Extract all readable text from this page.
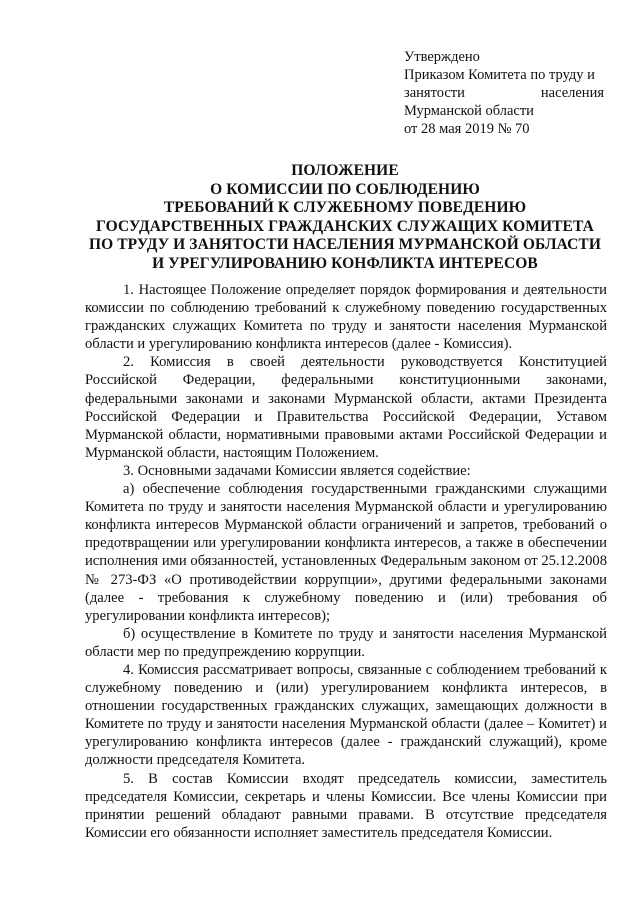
Утверждено
Приказом Комитета по труду и
занятости	населения
Мурманской области
от 28 мая 2019 № 70
ПОЛОЖЕНИЕ
О КОМИССИИ ПО СОБЛЮДЕНИЮ
ТРЕБОВАНИЙ К СЛУЖЕБНОМУ ПОВЕДЕНИЮ
ГОСУДАРСТВЕННЫХ ГРАЖДАНСКИХ СЛУЖАЩИХ КОМИТЕТА
ПО ТРУДУ И ЗАНЯТОСТИ НАСЕЛЕНИЯ МУРМАНСКОЙ ОБЛАСТИ
И УРЕГУЛИРОВАНИЮ КОНФЛИКТА ИНТЕРЕСОВ

1. Настоящее Положение определяет порядок формирования и деятельности комиссии по соблюдению требований к служебному поведению государственных гражданских служащих Комитета по труду и занятости населения Мурманской области и урегулированию конфликта интересов (далее - Комиссия).

2. Комиссия в своей деятельности руководствуется Конституцией Российской Федерации, федеральными конституционными законами, федеральными законами и законами Мурманской области, актами Президента Российской Федерации и Правительства Российской Федерации, Уставом Мурманской области, нормативными правовыми актами Российской Федерации и Мурманской области, настоящим Положением.

3. Основными задачами Комиссии является содействие:

а) обеспечение соблюдения государственными гражданскими служащими Комитета по труду и занятости населения Мурманской области и урегулированию конфликта интересов Мурманской области ограничений и запретов, требований о предотвращении или урегулировании конфликта интересов, а также в обеспечении исполнения ими обязанностей, установленных Федеральным законом от 25.12.2008 № 273-ФЗ «О противодействии коррупции», другими федеральными законами (далее - требования к служебному поведению и (или) требования об урегулировании конфликта интересов);

б) осуществление в Комитете по труду и занятости населения Мурманской области мер по предупреждению коррупции.

4. Комиссия рассматривает вопросы, связанные с соблюдением требований к служебному поведению и (или) урегулированием конфликта интересов, в отношении государственных гражданских служащих, замещающих должности в Комитете по труду и занятости населения Мурманской области (далее – Комитет) и урегулированию конфликта интересов (далее - гражданский служащий), кроме должности председателя Комитета.

5. В состав Комиссии входят председатель комиссии, заместитель председателя Комиссии, секретарь и члены Комиссии. Все члены Комиссии при принятии решений обладают равными правами. В отсутствие председателя Комиссии его обязанности исполняет заместитель председателя Комиссии.
